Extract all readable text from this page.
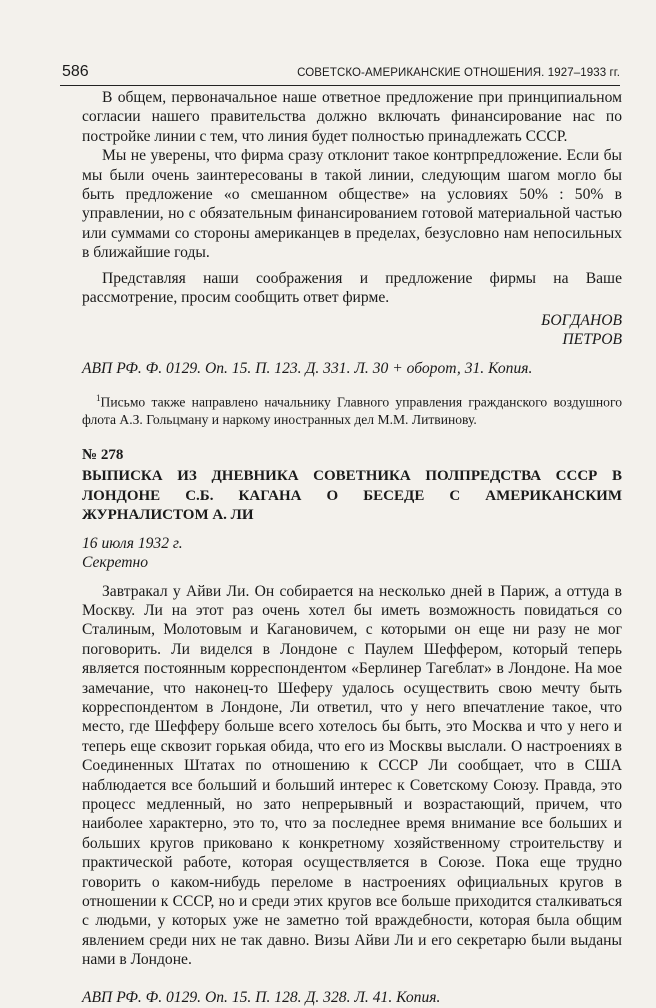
586	СОВЕТСКО-АМЕРИКАНСКИЕ ОТНОШЕНИЯ. 1927–1933 гг.

В общем, первоначальное наше ответное предложение при принципиальном согласии нашего правительства должно включать финансирование нас по постройке линии с тем, что линия будет полностью принадлежать СССР.

Мы не уверены, что фирма сразу отклонит такое контрпредложение. Если бы мы были очень заинтересованы в такой линии, следующим шагом могло бы быть предложение «о смешанном обществе» на условиях 50% : 50% в управлении, но с обязательным финансированием готовой материальной частью или суммами со стороны американцев в пределах, безусловно нам непосильных в ближайшие годы.

Представляя наши соображения и предложение фирмы на Ваше рассмотрение, просим сообщить ответ фирме.

БОГДАНОВ
ПЕТРОВ

АВП РФ. Ф. 0129. Оп. 15. П. 123. Д. 331. Л. 30 + оборот, 31. Копия.

$^1$Письмо также направлено начальнику Главного управления гражданского воздушного флота А.З. Гольцману и наркому иностранных дел М.М. Литвинову.

№ 278
ВЫПИСКА ИЗ ДНЕВНИКА СОВЕТНИКА ПОЛПРЕДСТВА СССР В ЛОНДОНЕ С.Б. КАГАНА О БЕСЕДЕ С АМЕРИКАНСКИМ ЖУРНАЛИСТОМ А. ЛИ
16 июля 1932 г.
Секретно

Завтракал у Айви Ли. Он собирается на несколько дней в Париж, а оттуда в Москву. Ли на этот раз очень хотел бы иметь возможность повидаться со Сталиным, Молотовым и Кагановичем, с которыми он еще ни разу не мог поговорить. Ли виделся в Лондоне с Паулем Шеффером, который теперь является постоянным корреспондентом «Берлинер Тагеблат» в Лондоне. На мое замечание, что наконец-то Шеферу удалось осуществить свою мечту быть корреспондентом в Лондоне, Ли ответил, что у него впечатление такое, что место, где Шефферу больше всего хотелось бы быть, это Москва и что у него и теперь еще сквозит горькая обида, что его из Москвы выслали. О настроениях в Соединенных Штатах по отношению к СССР Ли сообщает, что в США наблюдается все больший и больший интерес к Советскому Союзу. Правда, это процесс медленный, но зато непрерывный и возрастающий, причем, что наиболее характерно, это то, что за последнее время внимание все больших и больших кругов приковано к конкретному хозяйственному строительству и практической работе, которая осуществляется в Союзе. Пока еще трудно говорить о каком-нибудь переломе в настроениях официальных кругов в отношении к СССР, но и среди этих кругов все больше приходится сталкиваться с людьми, у которых уже не заметно той враждебности, которая была общим явлением среди них не так давно. Визы Айви Ли и его секретарю были выданы нами в Лондоне.

АВП РФ. Ф. 0129. Оп. 15. П. 128. Д. 328. Л. 41. Копия.
